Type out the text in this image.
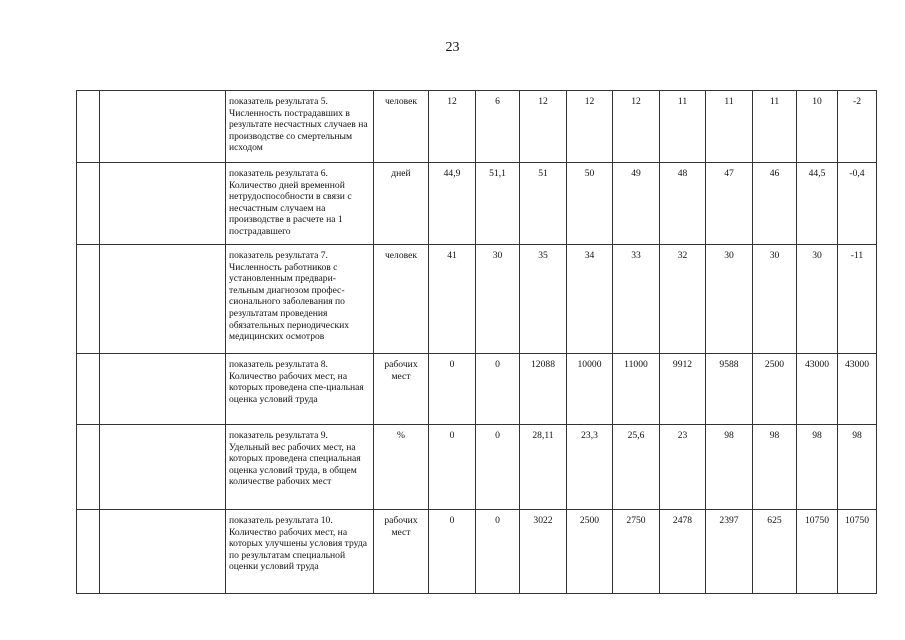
23
		показатель результата 5. Численность пострадавших в результате несчастных случаев на производстве со смертельным исходом	человек	12	6	12	12	12	11	11	11	10	-2
		показатель результата 6. Количество дней временной нетрудоспособности в связи с несчастным случаем на производстве в расчете на 1 пострадавшего	дней	44,9	51,1	51	50	49	48	47	46	44,5	-0,4
		показатель результата 7. Численность работников с установленным предвари-тельным диагнозом профес-сионального заболевания по результатам проведения обязательных периодических медицинских осмотров	человек	41	30	35	34	33	32	30	30	30	-11
		показатель результата 8. Количество рабочих мест, на которых проведена спе-циальная оценка условий труда	рабочих мест	0	0	12088	10000	11000	9912	9588	2500	43000	43000
		показатель результата 9. Удельный вес рабочих мест, на которых проведена специальная оценка условий труда, в общем количестве рабочих мест	%	0	0	28,11	23,3	25,6	23	98	98	98	98
		показатель результата 10. Количество рабочих мест, на которых улучшены условия труда по результатам специальной оценки условий труда	рабочих мест	0	0	3022	2500	2750	2478	2397	625	10750	10750
